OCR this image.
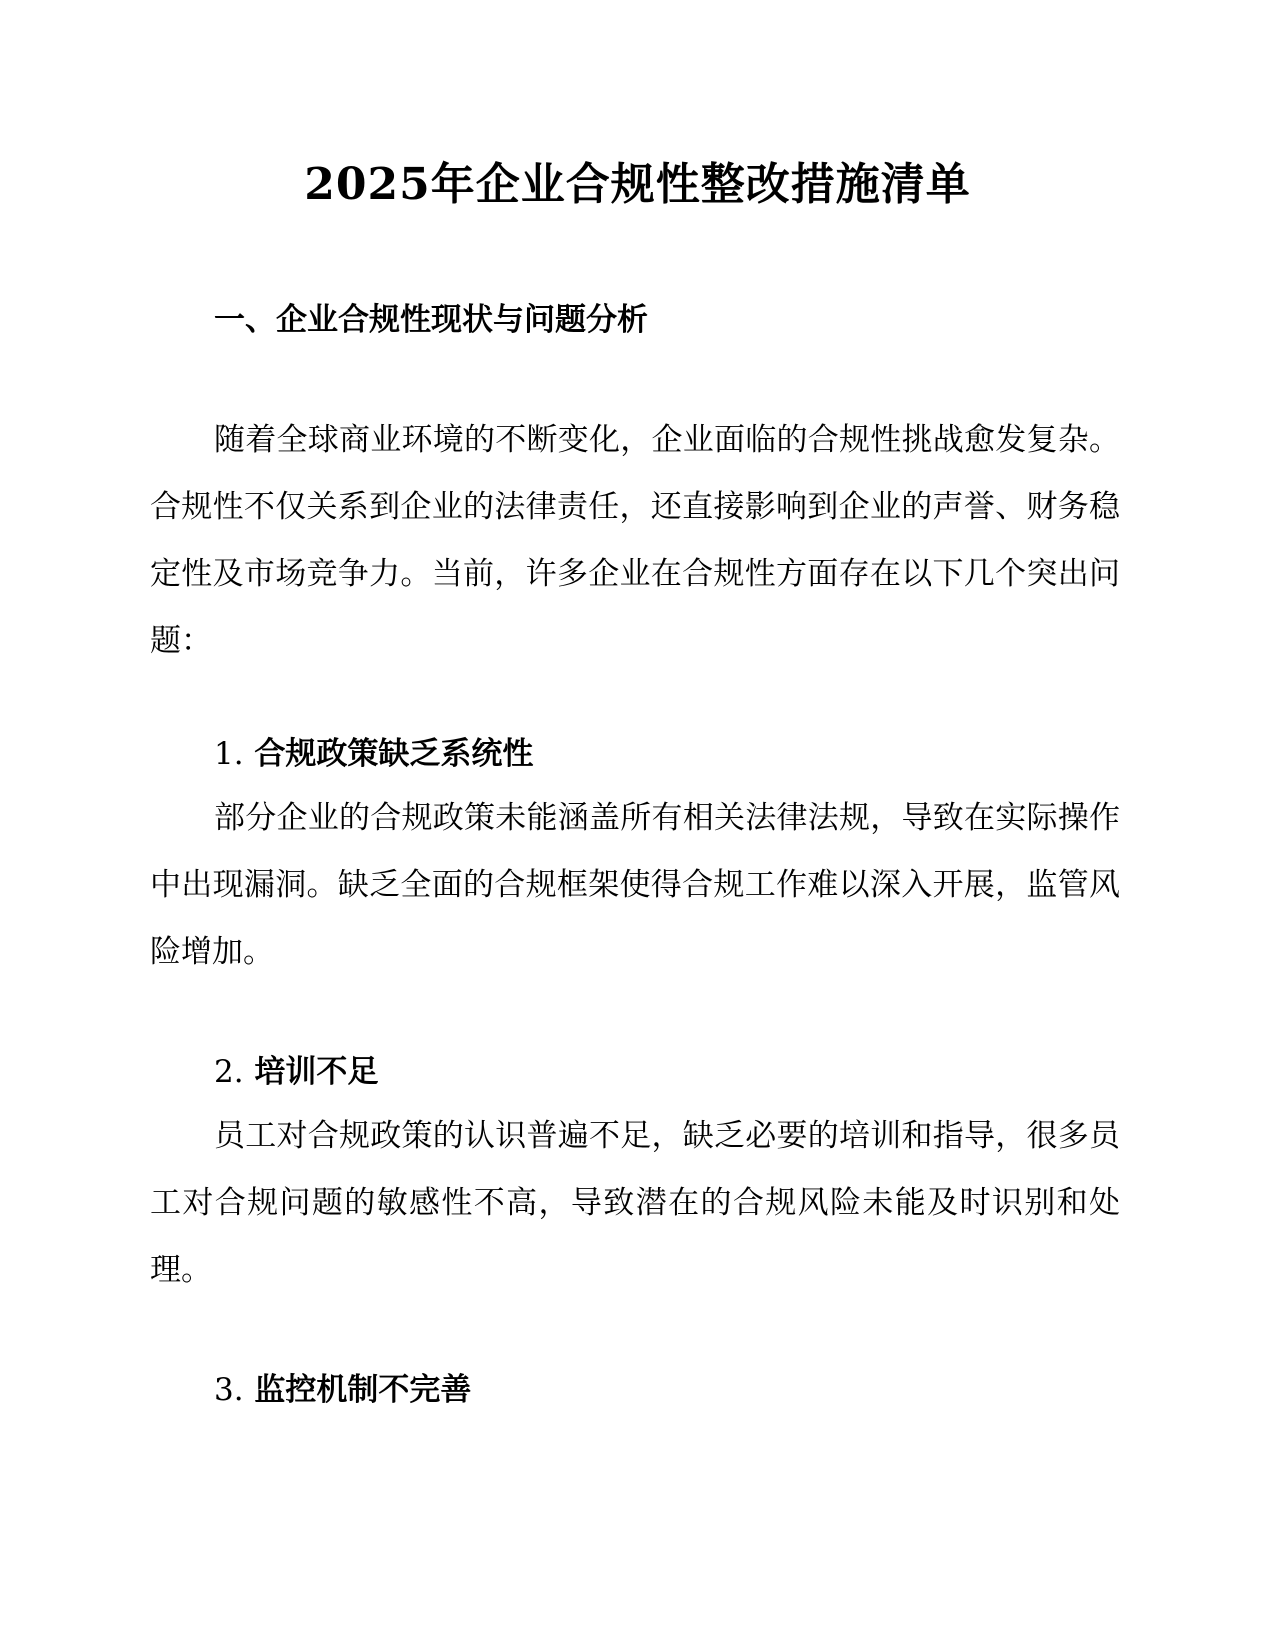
2025年企业合规性整改措施清单
一、企业合规性现状与问题分析

随着全球商业环境的不断变化，企业面临的合规性挑战愈发复杂。合规性不仅关系到企业的法律责任，还直接影响到企业的声誉、财务稳定性及市场竞争力。当前，许多企业在合规性方面存在以下几个突出问题：

1. 合规政策缺乏系统性

部分企业的合规政策未能涵盖所有相关法律法规，导致在实际操作中出现漏洞。缺乏全面的合规框架使得合规工作难以深入开展，监管风险增加。

2. 培训不足

员工对合规政策的认识普遍不足，缺乏必要的培训和指导，很多员工对合规问题的敏感性不高，导致潜在的合规风险未能及时识别和处理。

3. 监控机制不完善
